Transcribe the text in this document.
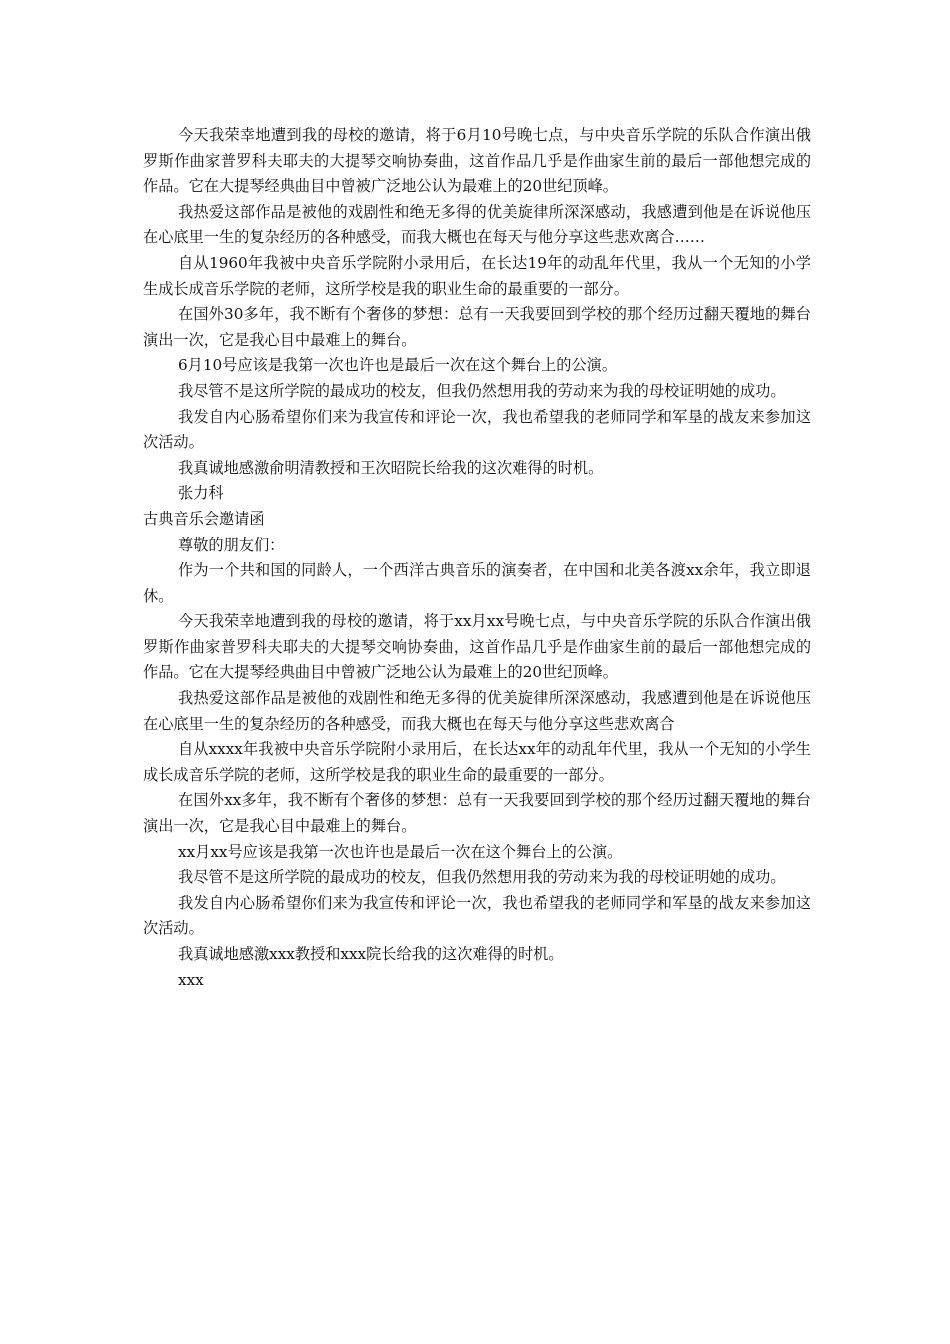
今天我荣幸地遭到我的母校的邀请，将于6月10号晚七点，与中央音乐学院的乐队合作演出俄罗斯作曲家普罗科夫耶夫的大提琴交响协奏曲，这首作品几乎是作曲家生前的最后一部他想完成的作品。它在大提琴经典曲目中曾被广泛地公认为最难上的20世纪顶峰。

我热爱这部作品是被他的戏剧性和绝无多得的优美旋律所深深感动，我感遭到他是在诉说他压在心底里一生的复杂经历的各种感受，而我大概也在每天与他分享这些悲欢离合……

自从1960年我被中央音乐学院附小录用后，在长达19年的动乱年代里，我从一个无知的小学生成长成音乐学院的老师，这所学校是我的职业生命的最重要的一部分。

在国外30多年，我不断有个奢侈的梦想：总有一天我要回到学校的那个经历过翻天覆地的舞台演出一次，它是我心目中最难上的舞台。

6月10号应该是我第一次也许也是最后一次在这个舞台上的公演。

我尽管不是这所学院的最成功的校友，但我仍然想用我的劳动来为我的母校证明她的成功。

我发自内心肠希望你们来为我宣传和评论一次，我也希望我的老师同学和军垦的战友来参加这次活动。

我真诚地感激俞明清教授和王次昭院长给我的这次难得的时机。

张力科

古典音乐会邀请函

尊敬的朋友们：

作为一个共和国的同龄人，一个西洋古典音乐的演奏者，在中国和北美各渡xx余年，我立即退休。

今天我荣幸地遭到我的母校的邀请，将于xx月xx号晚七点，与中央音乐学院的乐队合作演出俄罗斯作曲家普罗科夫耶夫的大提琴交响协奏曲，这首作品几乎是作曲家生前的最后一部他想完成的作品。它在大提琴经典曲目中曾被广泛地公认为最难上的20世纪顶峰。

我热爱这部作品是被他的戏剧性和绝无多得的优美旋律所深深感动，我感遭到他是在诉说他压在心底里一生的复杂经历的各种感受，而我大概也在每天与他分享这些悲欢离合

自从xxxx年我被中央音乐学院附小录用后，在长达xx年的动乱年代里，我从一个无知的小学生成长成音乐学院的老师，这所学校是我的职业生命的最重要的一部分。

在国外xx多年，我不断有个奢侈的梦想：总有一天我要回到学校的那个经历过翻天覆地的舞台演出一次，它是我心目中最难上的舞台。

xx月xx号应该是我第一次也许也是最后一次在这个舞台上的公演。

我尽管不是这所学院的最成功的校友，但我仍然想用我的劳动来为我的母校证明她的成功。

我发自内心肠希望你们来为我宣传和评论一次，我也希望我的老师同学和军垦的战友来参加这次活动。

我真诚地感激xxx教授和xxx院长给我的这次难得的时机。

xxx
